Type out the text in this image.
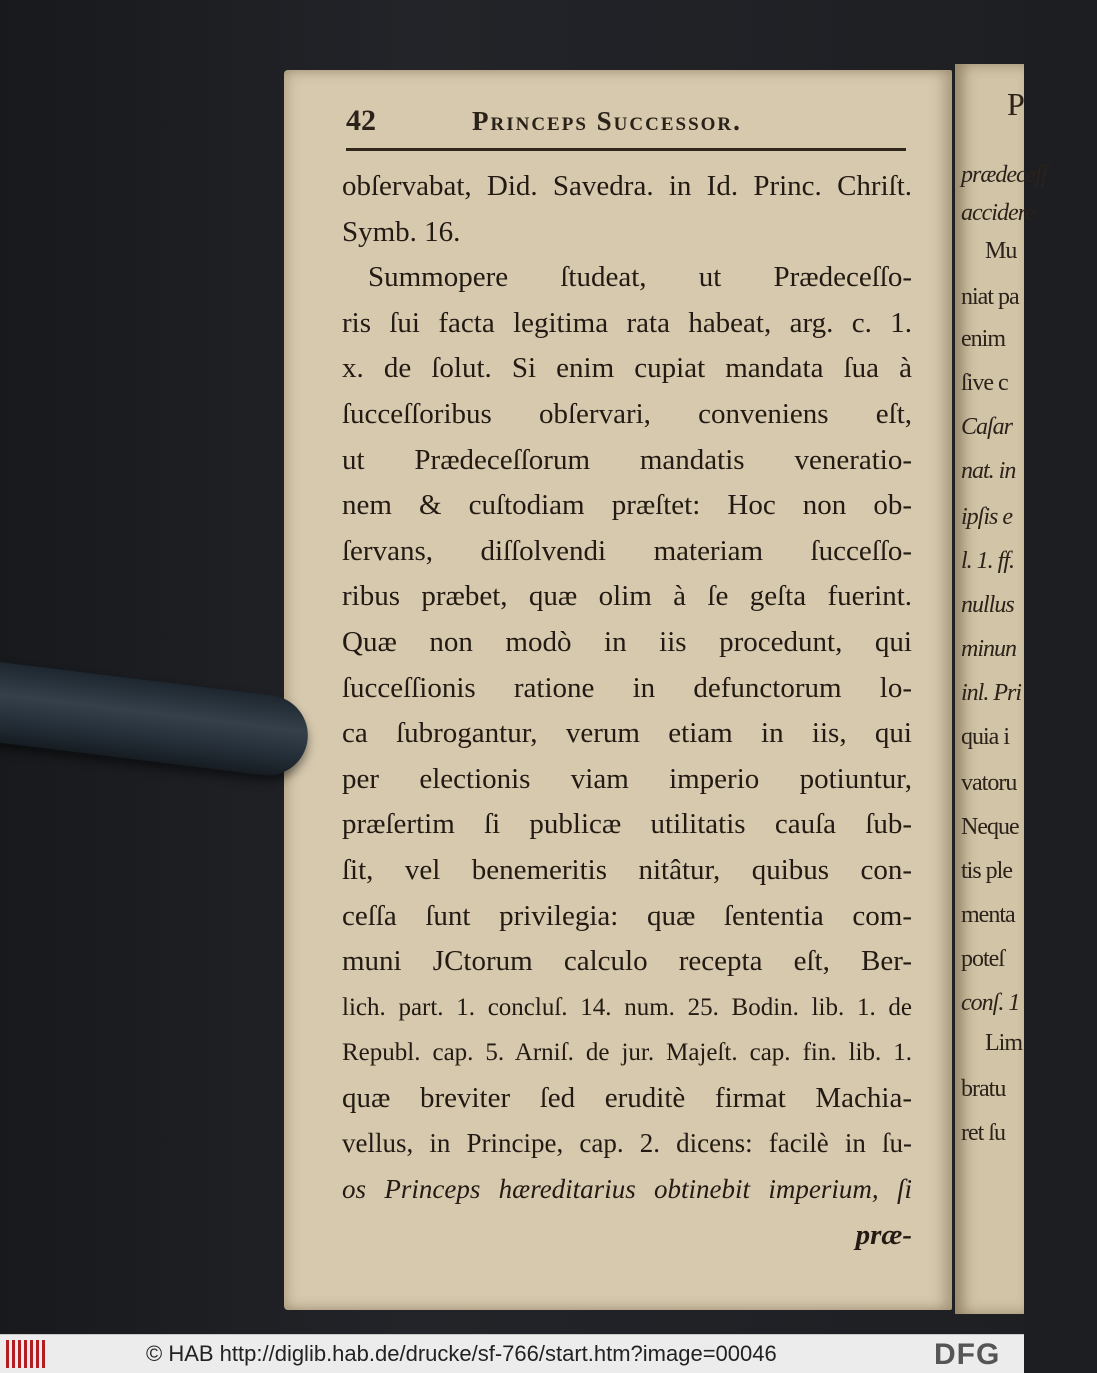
42	Princeps Successor.
obſervabat, Did. Savedra. in Id. Princ. Chriſt.
Symb. 16.
Summopere ſtudeat, ut Prædeceſſo-
ris ſui facta legitima rata habeat, arg. c. 1.
x. de ſolut. Si enim cupiat mandata ſua à
ſucceſſoribus obſervari, conveniens eſt,
ut Prædeceſſorum mandatis veneratio-
nem & cuſtodiam præſtet: Hoc non ob-
ſervans, diſſolvendi materiam ſucceſſo-
ribus præbet, quæ olim à ſe geſta fuerint.
Quæ non modò in iis procedunt, qui
ſucceſſionis ratione in defunctorum lo-
ca ſubrogantur, verum etiam in iis, qui
per electionis viam imperio potiuntur,
præſertim ſi publicæ utilitatis cauſa ſub-
ſit, vel benemeritis nitâtur, quibus con-
ceſſa ſunt privilegia: quæ ſententia com-
muni JCtorum calculo recepta eſt, Ber-
lich. part. 1. concluſ. 14. num. 25. Bodin. lib. 1. de
Republ. cap. 5. Arniſ. de jur. Majeſt. cap. fin. lib. 1.
quæ breviter ſed eruditè firmat Machia-
vellus, in Principe, cap. 2. dicens: facilè in ſu-
os Princeps hæreditarius obtinebit imperium, ſi
præ-
P
prædeceſſ
accidere
Mu
niat pa
enim
ſive c
Caſar
nat. in
ipſis e
l. 1. ff.
nullus
minun
inl. Pri
quia i
vatoru
Neque
tis ple
menta
poteſ
conſ. 1
Lim
bratu
ret ſu
© HAB http://diglib.hab.de/drucke/sf-766/start.htm?image=00046	DFG
